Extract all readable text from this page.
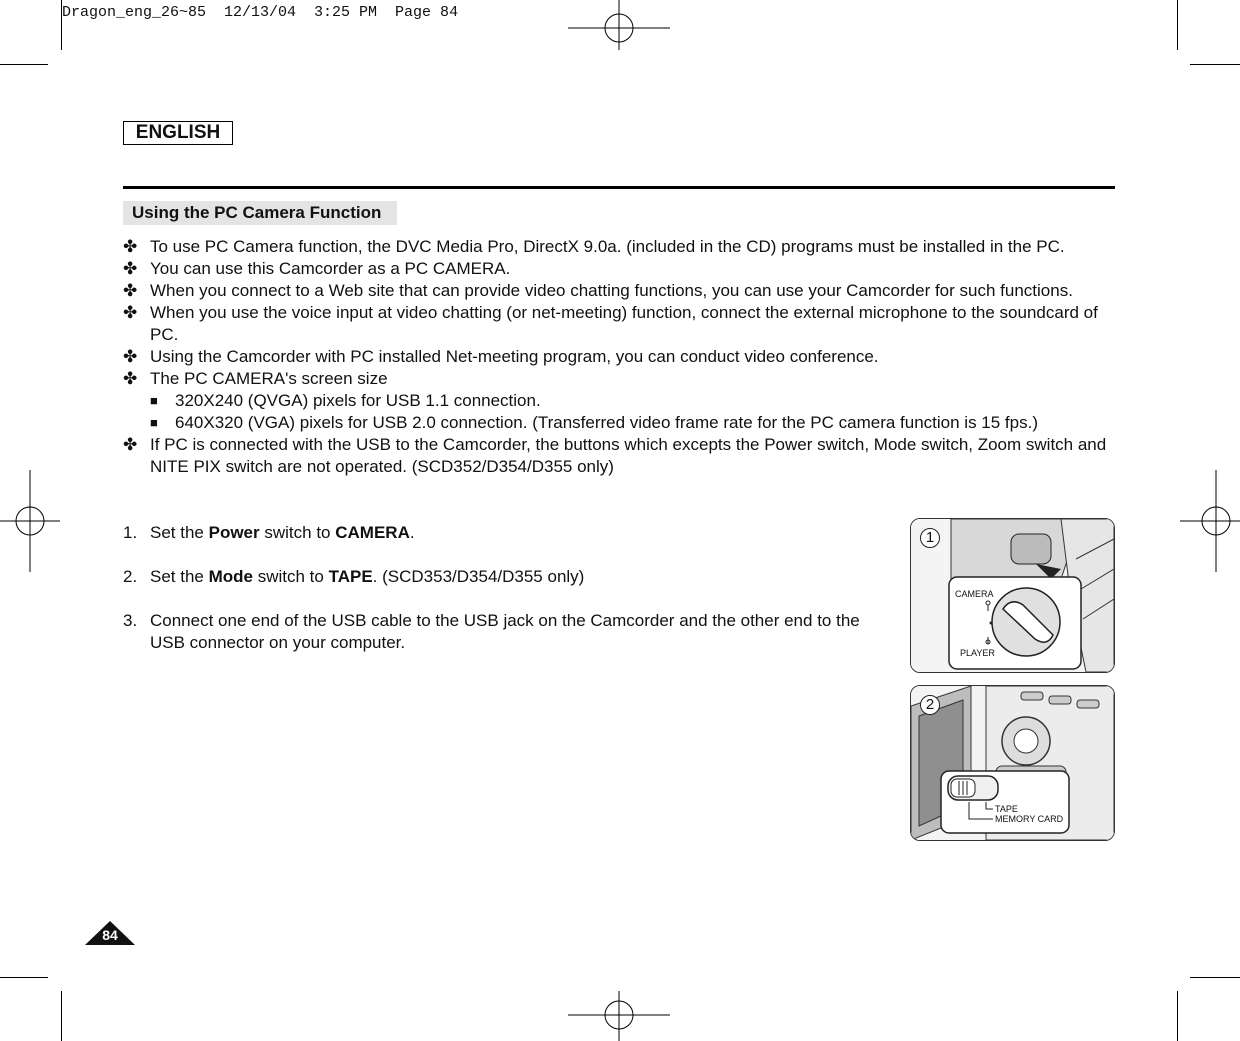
Dragon_eng_26~85  12/13/04  3:25 PM  Page 84
ENGLISH
Using the PC Camera Function
✤ To use PC Camera function, the DVC Media Pro, DirectX 9.0a. (included in the CD) programs must be installed in the PC.
✤ You can use this Camcorder as a PC CAMERA.
✤ When you connect to a Web site that can provide video chatting functions, you can use your Camcorder for such functions.
✤ When you use the voice input at video chatting (or net-meeting) function, connect the external microphone to the soundcard of PC.
✤ Using the Camcorder with PC installed Net-meeting program, you can conduct video conference.
✤ The PC CAMERA's screen size
■ 320X240 (QVGA) pixels for USB 1.1 connection.
■ 640X320 (VGA) pixels for USB 2.0 connection. (Transferred video frame rate for the PC camera function is 15 fps.)
✤ If PC is connected with the USB to the Camcorder, the buttons which excepts the Power switch, Mode switch, Zoom switch and NITE PIX switch are not operated. (SCD352/D354/D355 only)
1. Set the Power switch to CAMERA.
2. Set the Mode switch to TAPE. (SCD353/D354/D355 only)
3. Connect one end of the USB cable to the USB jack on the Camcorder and the other end to the USB connector on your computer.
1
CAMERA
PLAYER
2
TAPE
MEMORY CARD
84
